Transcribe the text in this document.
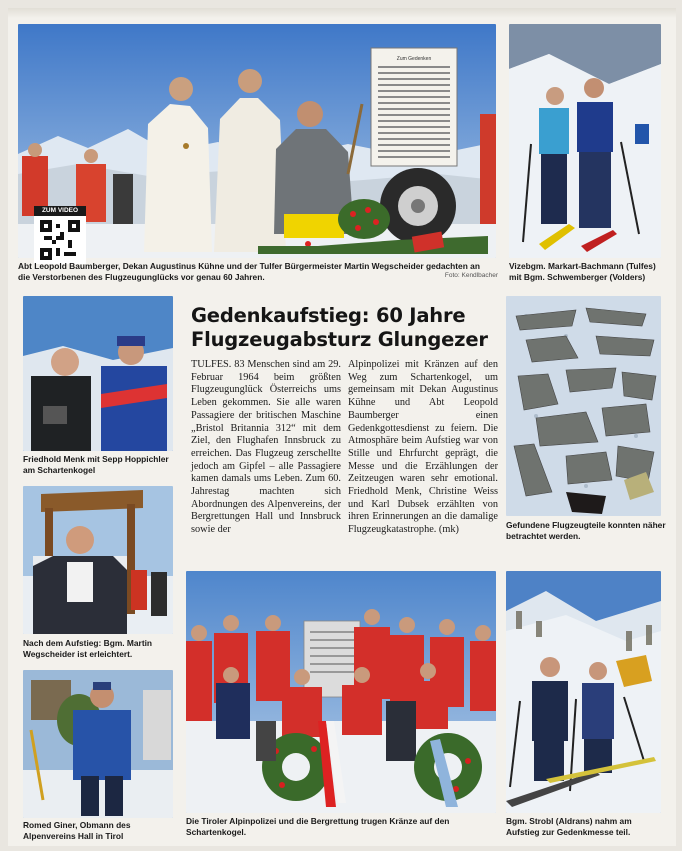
Zum Gedenken
ZUM VIDEO
Abt Leopold Baumberger, Dekan Augustinus Kühne und der Tulfer Bürgermeister Martin Wegscheider gedachten an die Verstorbenen des Flugzeugunglücks vor genau 60 Jahren.	Foto: Kendlbacher
Vizebgm. Markart-Bachmann (Tulfes) mit Bgm. Schwemberger (Volders)
Gedenkaufstieg: 60 Jahre Flugzeugabsturz Glungezer
TULFES. 83 Menschen sind am 29. Februar 1964 beim größten Flugzeugunglück Österreichs ums Leben gekommen. Sie alle waren Passagiere der britischen Maschine „Bristol Britannia 312“ mit dem Ziel, den Flughafen Innsbruck zu erreichen. Das Flugzeug zerschellte jedoch am Gipfel – alle Passagiere kamen damals ums Leben. Zum 60. Jahrestag machten sich Abordnungen des Alpenvereins, der Bergrettungen Hall und Innsbruck sowie der
Alpinpolizei mit Kränzen auf den Weg zum Schartenkogel, um gemeinsam mit Dekan Augustinus Kühne und Abt Leopold Baumberger einen Gedenkgottesdienst zu feiern. Die Atmosphäre beim Aufstieg war von Stille und Ehrfurcht geprägt, die Messe und die Erzählungen der Zeitzeugen waren sehr emotional. Friedhold Menk, Christine Weiss und Karl Dubsek erzählten von ihren Erinnerungen an die damalige Flugzeugkatastrophe. (mk)
Friedhold Menk mit Sepp Hoppichler am Schartenkogel
Nach dem Aufstieg: Bgm. Martin Wegscheider ist erleichtert.
Romed Giner, Obmann des Alpenvereins Hall in Tirol
Gefundene Flugzeugteile konnten näher betrachtet werden.
Die Tiroler Alpinpolizei und die Bergrettung trugen Kränze auf den Schartenkogel.
Bgm. Strobl (Aldrans) nahm am Aufstieg zur Gedenkmesse teil.
